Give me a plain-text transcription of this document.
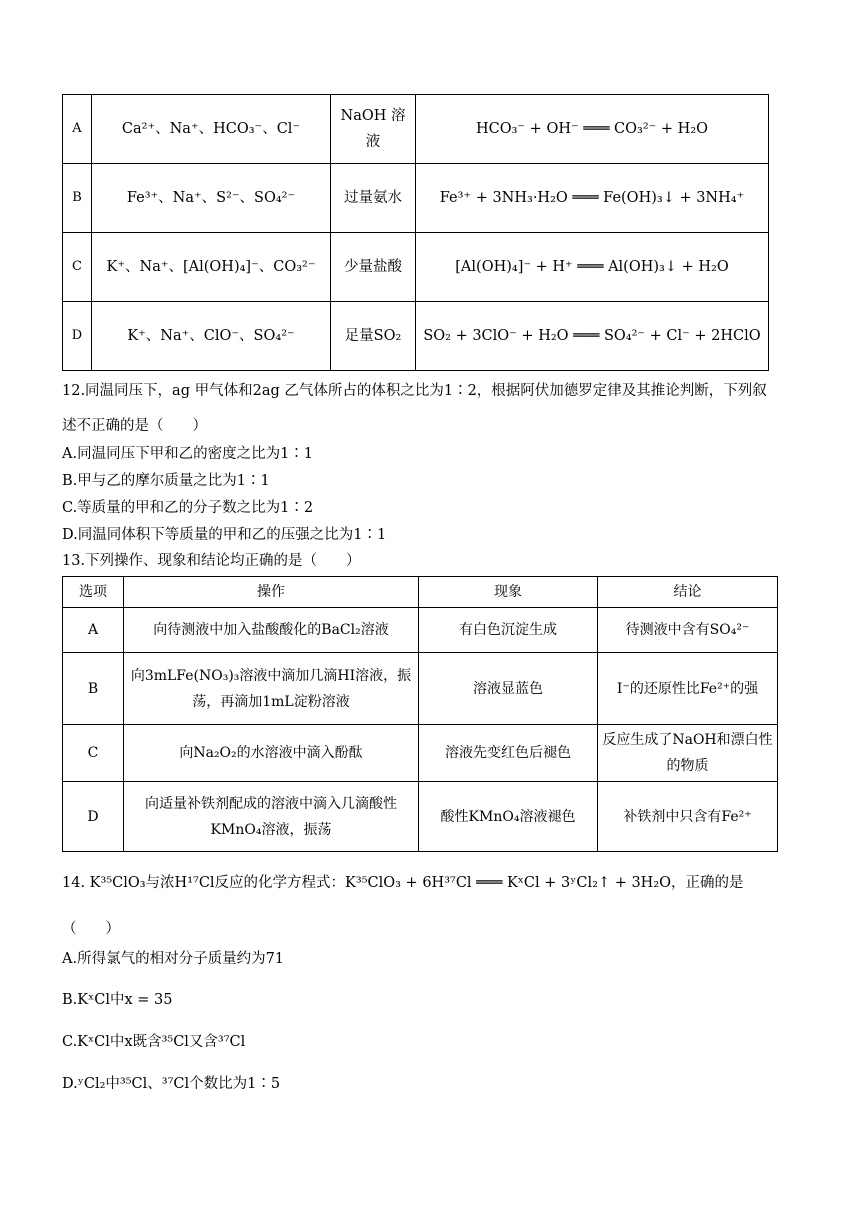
A	Ca²⁺、Na⁺、HCO₃⁻、Cl⁻	NaOH 溶液	HCO₃⁻ + OH⁻ ═══ CO₃²⁻ + H₂O
B	Fe³⁺、Na⁺、S²⁻、SO₄²⁻	过量氨水	Fe³⁺ + 3NH₃·H₂O ═══ Fe(OH)₃↓ + 3NH₄⁺
C	K⁺、Na⁺、[Al(OH)₄]⁻、CO₃²⁻	少量盐酸	[Al(OH)₄]⁻ + H⁺ ═══ Al(OH)₃↓ + H₂O
D	K⁺、Na⁺、ClO⁻、SO₄²⁻	足量SO₂	SO₂ + 3ClO⁻ + H₂O ═══ SO₄²⁻ + Cl⁻ + 2HClO
12.同温同压下，ag 甲气体和2ag 乙气体所占的体积之比为1∶2，根据阿伏加德罗定律及其推论判断，下列叙
述不正确的是（　　）
A.同温同压下甲和乙的密度之比为1∶1
B.甲与乙的摩尔质量之比为1∶1
C.等质量的甲和乙的分子数之比为1∶2
D.同温同体积下等质量的甲和乙的压强之比为1∶1
13.下列操作、现象和结论均正确的是（　　）
选项	操作	现象	结论
A	向待测液中加入盐酸酸化的BaCl₂溶液	有白色沉淀生成	待测液中含有SO₄²⁻
B	向3mLFe(NO₃)₃溶液中滴加几滴HI溶液，振荡，再滴加1mL淀粉溶液	溶液显蓝色	I⁻的还原性比Fe²⁺的强
C	向Na₂O₂的水溶液中滴入酚酞	溶液先变红色后褪色	反应生成了NaOH和漂白性的物质
D	向适量补铁剂配成的溶液中滴入几滴酸性KMnO₄溶液，振荡	酸性KMnO₄溶液褪色	补铁剂中只含有Fe²⁺
14. K³⁵ClO₃与浓H¹⁷Cl反应的化学方程式：K³⁵ClO₃ + 6H³⁷Cl ═══ KˣCl + 3ʸCl₂↑ + 3H₂O，正确的是
（　　）
A.所得氯气的相对分子质量约为71
B.KˣCl中x = 35
C.KˣCl中x既含³⁵Cl又含³⁷Cl
D.ʸCl₂中³⁵Cl、³⁷Cl个数比为1∶5
